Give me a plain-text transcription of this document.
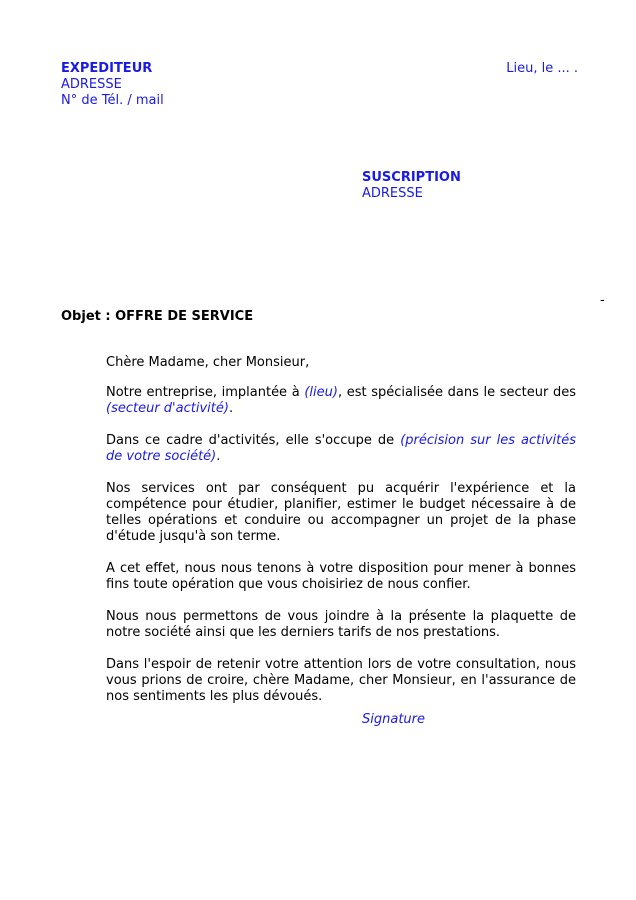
EXPEDITEUR
ADRESSE
N° de Tél. / mail
Lieu, le ... .
SUSCRIPTION
ADRESSE
-
Objet : OFFRE DE SERVICE

Chère Madame, cher Monsieur,

Notre entreprise, implantée à (lieu), est spécialisée dans le secteur des (secteur d'activité).

Dans ce cadre d'activités, elle s'occupe de (précision sur les activités de votre société).

Nos services ont par conséquent pu acquérir l'expérience et la compétence pour étudier, planifier, estimer le budget nécessaire à de telles opérations et conduire ou accompagner un projet de la phase d'étude jusqu'à son terme.

A cet effet, nous nous tenons à votre disposition pour mener à bonnes fins toute opération que vous choisiriez de nous confier.

Nous nous permettons de vous joindre à la présente la plaquette de notre société ainsi que les derniers tarifs de nos prestations.

Dans l'espoir de retenir votre attention lors de votre consultation, nous vous prions de croire, chère Madame, cher Monsieur, en l'assurance de nos sentiments les plus dévoués.

Signature
